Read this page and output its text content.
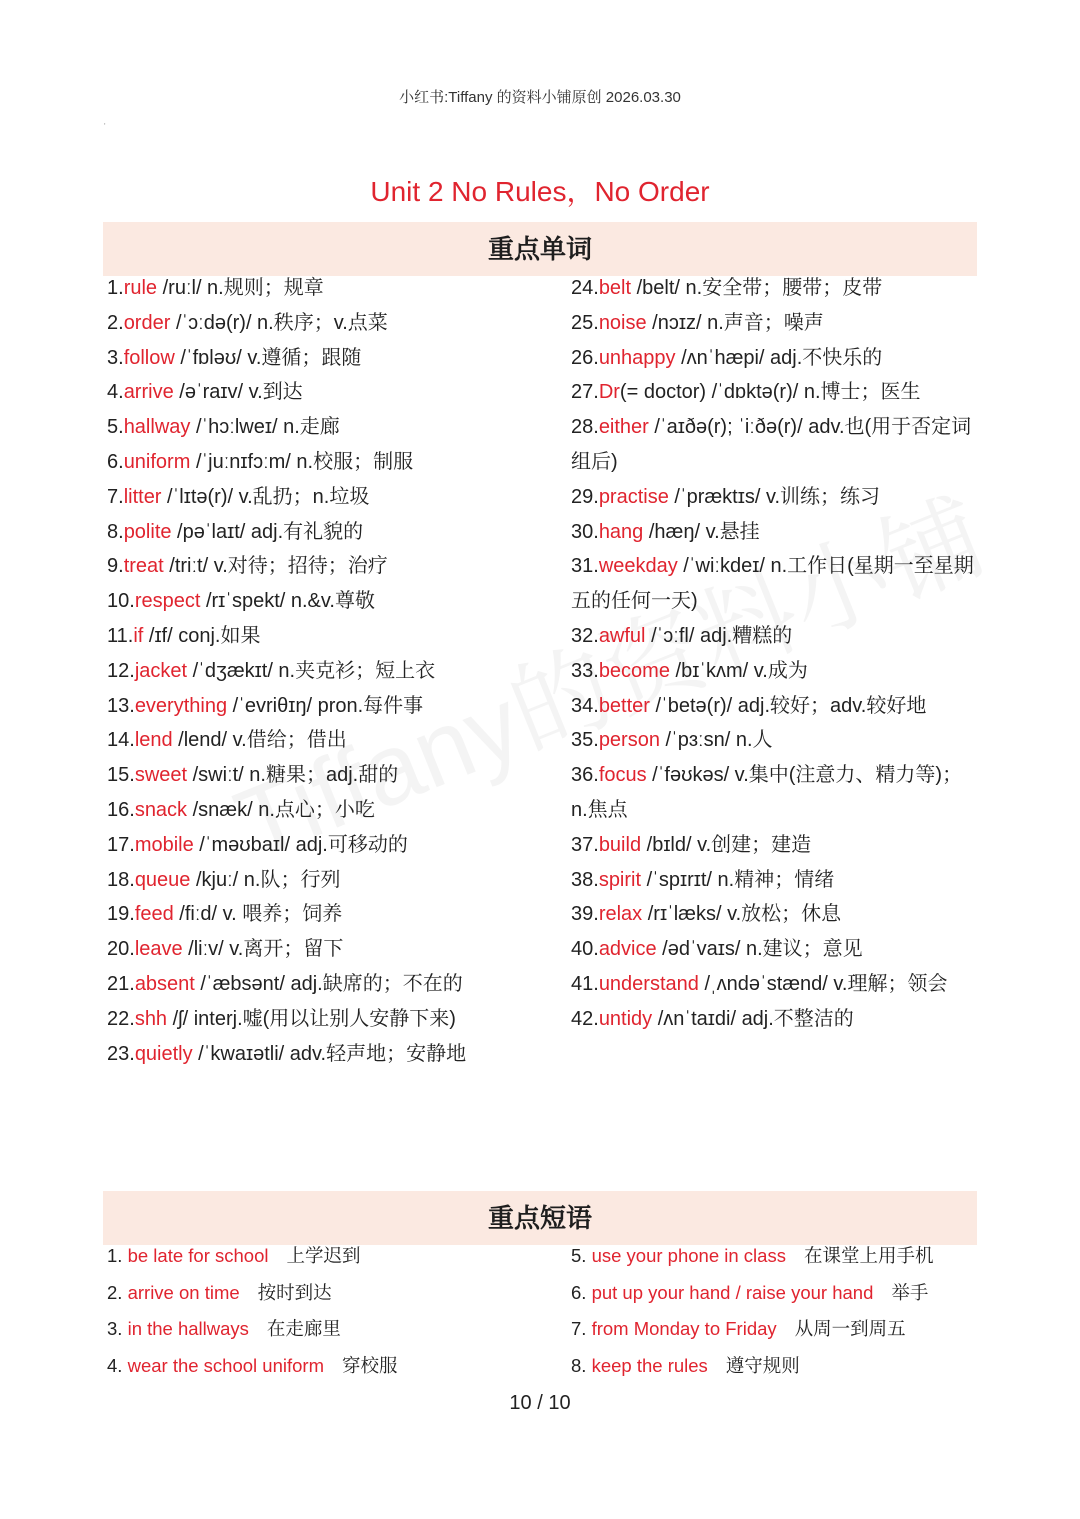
小红书:Tiffany 的资料小铺原创 2026.03.30
'
Unit 2 No Rules，No Order
重点单词

1.rule /ruːl/ n.规则；规章

2.order /ˈɔːdə(r)/ n.秩序；v.点菜

3.follow /ˈfɒləʊ/ v.遵循；跟随

4.arrive /əˈraɪv/ v.到达

5.hallway /ˈhɔːlweɪ/ n.走廊

6.uniform /ˈjuːnɪfɔːm/ n.校服；制服

7.litter /ˈlɪtə(r)/ v.乱扔；n.垃圾

8.polite /pəˈlaɪt/ adj.有礼貌的

9.treat /triːt/ v.对待；招待；治疗

10.respect /rɪˈspekt/ n.&v.尊敬

11.if /ɪf/ conj.如果

12.jacket /ˈdʒækɪt/ n.夹克衫；短上衣

13.everything /ˈevriθɪŋ/ pron.每件事

14.lend /lend/ v.借给；借出

15.sweet /swiːt/ n.糖果；adj.甜的

16.snack /snæk/ n.点心；小吃

17.mobile /ˈməʊbaɪl/ adj.可移动的

18.queue /kjuː/ n.队；行列

19.feed /fiːd/ v. 喂养；饲养

20.leave /liːv/ v.离开；留下

21.absent /ˈæbsənt/ adj.缺席的；不在的

22.shh /ʃ/ interj.嘘(用以让别人安静下来)

23.quietly /ˈkwaɪətli/ adv.轻声地；安静地

24.belt /belt/ n.安全带；腰带；皮带

25.noise /nɔɪz/ n.声音；噪声

26.unhappy /ʌnˈhæpi/ adj.不快乐的

27.Dr(= doctor) /ˈdɒktə(r)/ n.博士；医生

28.either /ˈaɪðə(r); ˈiːðə(r)/ adv.也(用于否定词组后)

29.practise /ˈpræktɪs/ v.训练；练习

30.hang /hæŋ/ v.悬挂

31.weekday /ˈwiːkdeɪ/ n.工作日(星期一至星期五的任何一天)

32.awful /ˈɔːfl/ adj.糟糕的

33.become /bɪˈkʌm/ v.成为

34.better /ˈbetə(r)/ adj.较好；adv.较好地

35.person /ˈpɜːsn/ n.人

36.focus /ˈfəʊkəs/ v.集中(注意力、精力等)；n.焦点

37.build /bɪld/ v.创建；建造

38.spirit /ˈspɪrɪt/ n.精神；情绪

39.relax /rɪˈlæks/ v.放松；休息

40.advice /ədˈvaɪs/ n.建议；意见

41.understand /ˌʌndəˈstænd/ v.理解；领会

42.untidy /ʌnˈtaɪdi/ adj.不整洁的

重点短语
1. be late for school 上学迟到
2. arrive on time 按时到达
3. in the hallways 在走廊里
4. wear the school uniform 穿校服
5. use your phone in class 在课堂上用手机
6. put up your hand / raise your hand 举手
7. from Monday to Friday 从周一到周五
8. keep the rules 遵守规则
10 / 10
